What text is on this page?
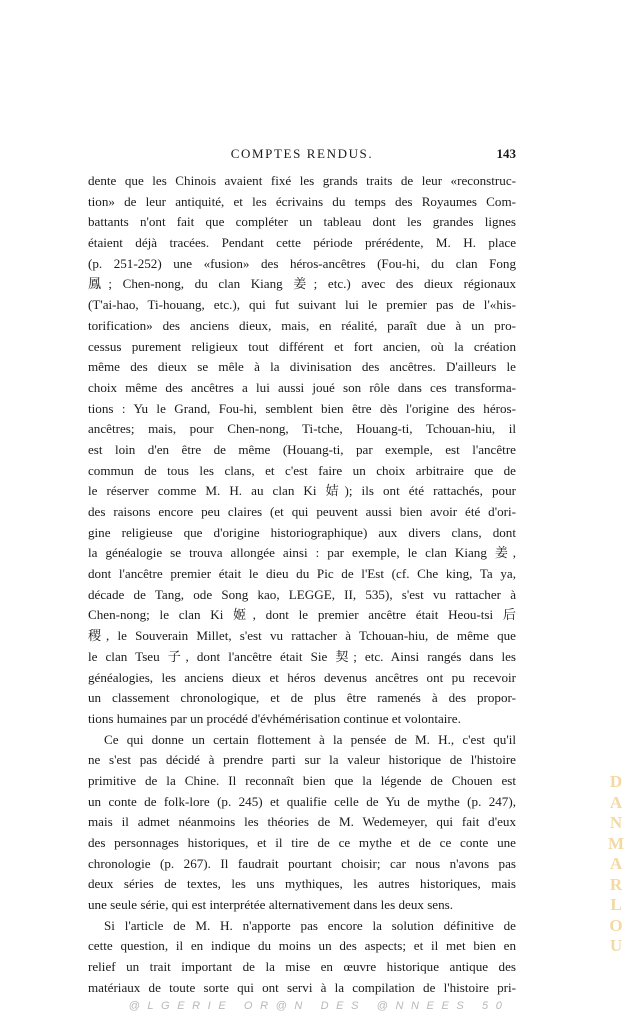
COMPTES RENDUS.	143
dente que les Chinois avaient fixé les grands traits de leur «reconstruc-
tion» de leur antiquité, et les écrivains du temps des Royaumes Com-
battants n'ont fait que compléter un tableau dont les grandes lignes
étaient déjà tracées. Pendant cette période prérédente, M. H. place
(p. 251-252) une «fusion» des héros-ancêtres (Fou-hi, du clan Fong
鳳; Chen-nong, du clan Kiang 姜; etc.) avec des dieux régionaux
(T'ai-hao, Ti-houang, etc.), qui fut suivant lui le premier pas de l'«his-
torification» des anciens dieux, mais, en réalité, paraît due à un pro-
cessus purement religieux tout différent et fort ancien, où la création
même des dieux se mêle à la divinisation des ancêtres. D'ailleurs le
choix même des ancêtres a lui aussi joué son rôle dans ces transforma-
tions : Yu le Grand, Fou-hi, semblent bien être dès l'origine des héros-
ancêtres; mais, pour Chen-nong, Ti-tche, Houang-ti, Tchouan-hiu, il
est loin d'en être de même (Houang-ti, par exemple, est l'ancêtre
commun de tous les clans, et c'est faire un choix arbitraire que de
le réserver comme M. H. au clan Ki 姞); ils ont été rattachés, pour
des raisons encore peu claires (et qui peuvent aussi bien avoir été d'ori-
gine religieuse que d'origine historiographique) aux divers clans, dont
la généalogie se trouva allongée ainsi : par exemple, le clan Kiang 姜,
dont l'ancêtre premier était le dieu du Pic de l'Est (cf. Che king, Ta ya,
décade de Tang, ode Song kao, LEGGE, II, 535), s'est vu rattacher à
Chen-nong; le clan Ki 姬, dont le premier ancêtre était Heou-tsi 后
稷, le Souverain Millet, s'est vu rattacher à Tchouan-hiu, de même que
le clan Tseu 子, dont l'ancêtre était Sie 契; etc. Ainsi rangés dans les
généalogies, les anciens dieux et héros devenus ancêtres ont pu recevoir
un classement chronologique, et de plus être ramenés à des propor-
tions humaines par un procédé d'évhémérisation continue et volontaire.
Ce qui donne un certain flottement à la pensée de M. H., c'est qu'il
ne s'est pas décidé à prendre parti sur la valeur historique de l'histoire
primitive de la Chine. Il reconnaît bien que la légende de Chouen est
un conte de folk-lore (p. 245) et qualifie celle de Yu de mythe (p. 247),
mais il admet néanmoins les théories de M. Wedemeyer, qui fait d'eux
des personnages historiques, et il tire de ce mythe et de ce conte une
chronologie (p. 267). Il faudrait pourtant choisir; car nous n'avons pas
deux séries de textes, les uns mythiques, les autres historiques, mais
une seule série, qui est interprétée alternativement dans les deux sens.
Si l'article de M. H. n'apporte pas encore la solution définitive de
cette question, il en indique du moins un des aspects; et il met bien en
relief un trait important de la mise en œuvre historique antique des
matériaux de toute sorte qui ont servi à la compilation de l'histoire pri-
D
A
N
M
A
R
L
O
U
@LGERIE OR@N DES @NNEES 50
